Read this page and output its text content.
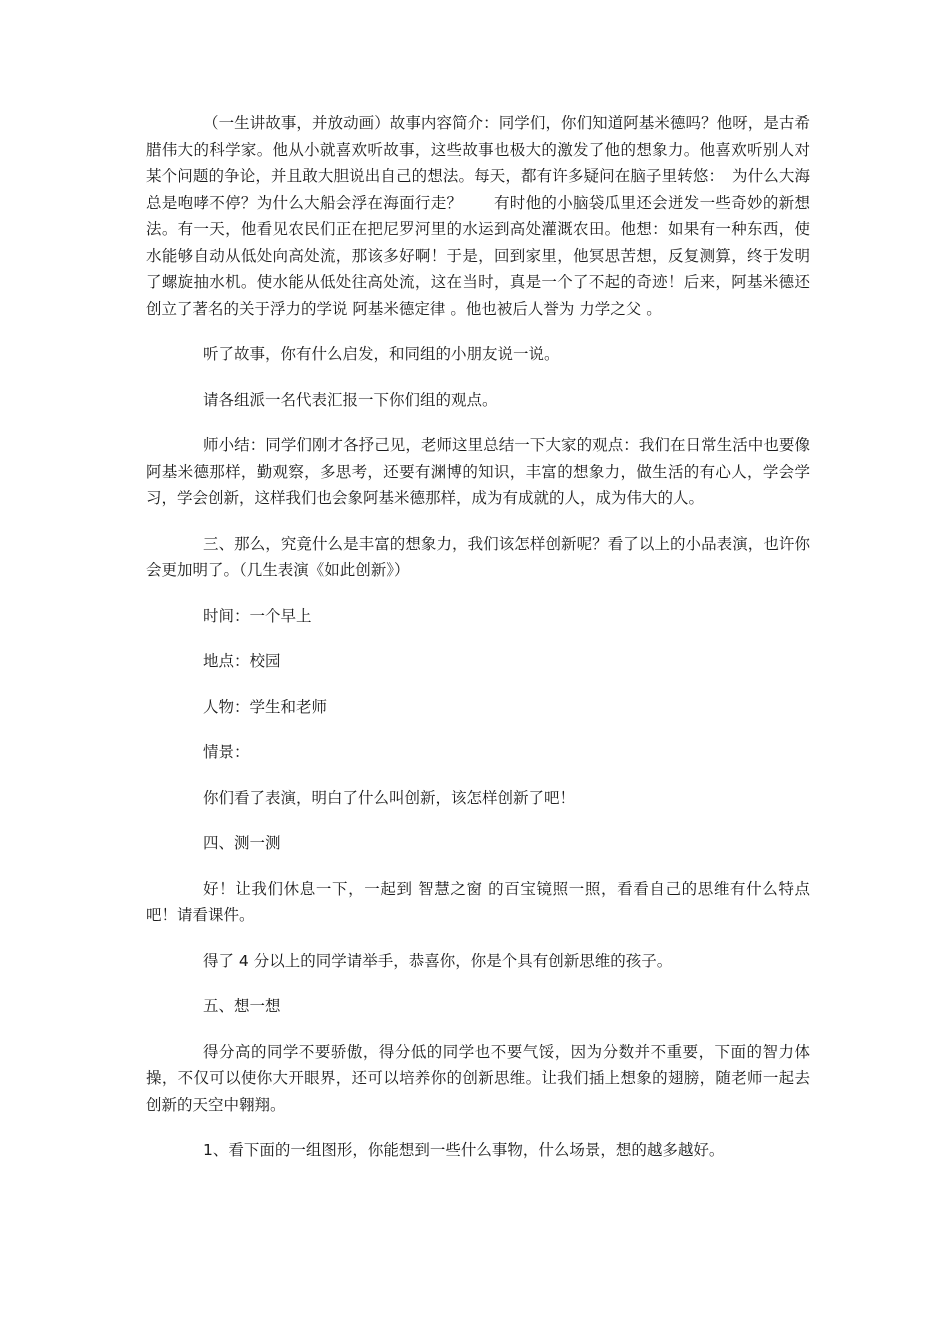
（一生讲故事，并放动画）故事内容简介：同学们，你们知道阿基米德吗？他呀，是古希腊伟大的科学家。他从小就喜欢听故事，这些故事也极大的激发了他的想象力。他喜欢听别人对某个问题的争论，并且敢大胆说出自己的想法。每天，都有许多疑问在脑子里转悠：　为什么大海总是咆哮不停？为什么大船会浮在海面行走？　　有时他的小脑袋瓜里还会迸发一些奇妙的新想法。有一天，他看见农民们正在把尼罗河里的水运到高处灌溉农田。他想：如果有一种东西，使水能够自动从低处向高处流，那该多好啊！于是，回到家里，他冥思苦想，反复测算，终于发明了螺旋抽水机。使水能从低处往高处流，这在当时，真是一个了不起的奇迹！后来，阿基米德还创立了著名的关于浮力的学说 阿基米德定律 。他也被后人誉为 力学之父 。

听了故事，你有什么启发，和同组的小朋友说一说。

请各组派一名代表汇报一下你们组的观点。

师小结：同学们刚才各抒己见，老师这里总结一下大家的观点：我们在日常生活中也要像阿基米德那样，勤观察，多思考，还要有渊博的知识，丰富的想象力，做生活的有心人，学会学习，学会创新，这样我们也会象阿基米德那样，成为有成就的人，成为伟大的人。

三、那么，究竟什么是丰富的想象力，我们该怎样创新呢？看了以上的小品表演，也许你会更加明了。（几生表演《如此创新》）

时间：一个早上

地点：校园

人物：学生和老师

情景：

你们看了表演，明白了什么叫创新，该怎样创新了吧！

四、测一测

好！让我们休息一下，一起到 智慧之窗 的百宝镜照一照，看看自己的思维有什么特点吧！请看课件。

得了 4 分以上的同学请举手，恭喜你，你是个具有创新思维的孩子。

五、想一想

得分高的同学不要骄傲，得分低的同学也不要气馁，因为分数并不重要，下面的智力体操，不仅可以使你大开眼界，还可以培养你的创新思维。让我们插上想象的翅膀，随老师一起去创新的天空中翱翔。

1、看下面的一组图形，你能想到一些什么事物，什么场景，想的越多越好。
